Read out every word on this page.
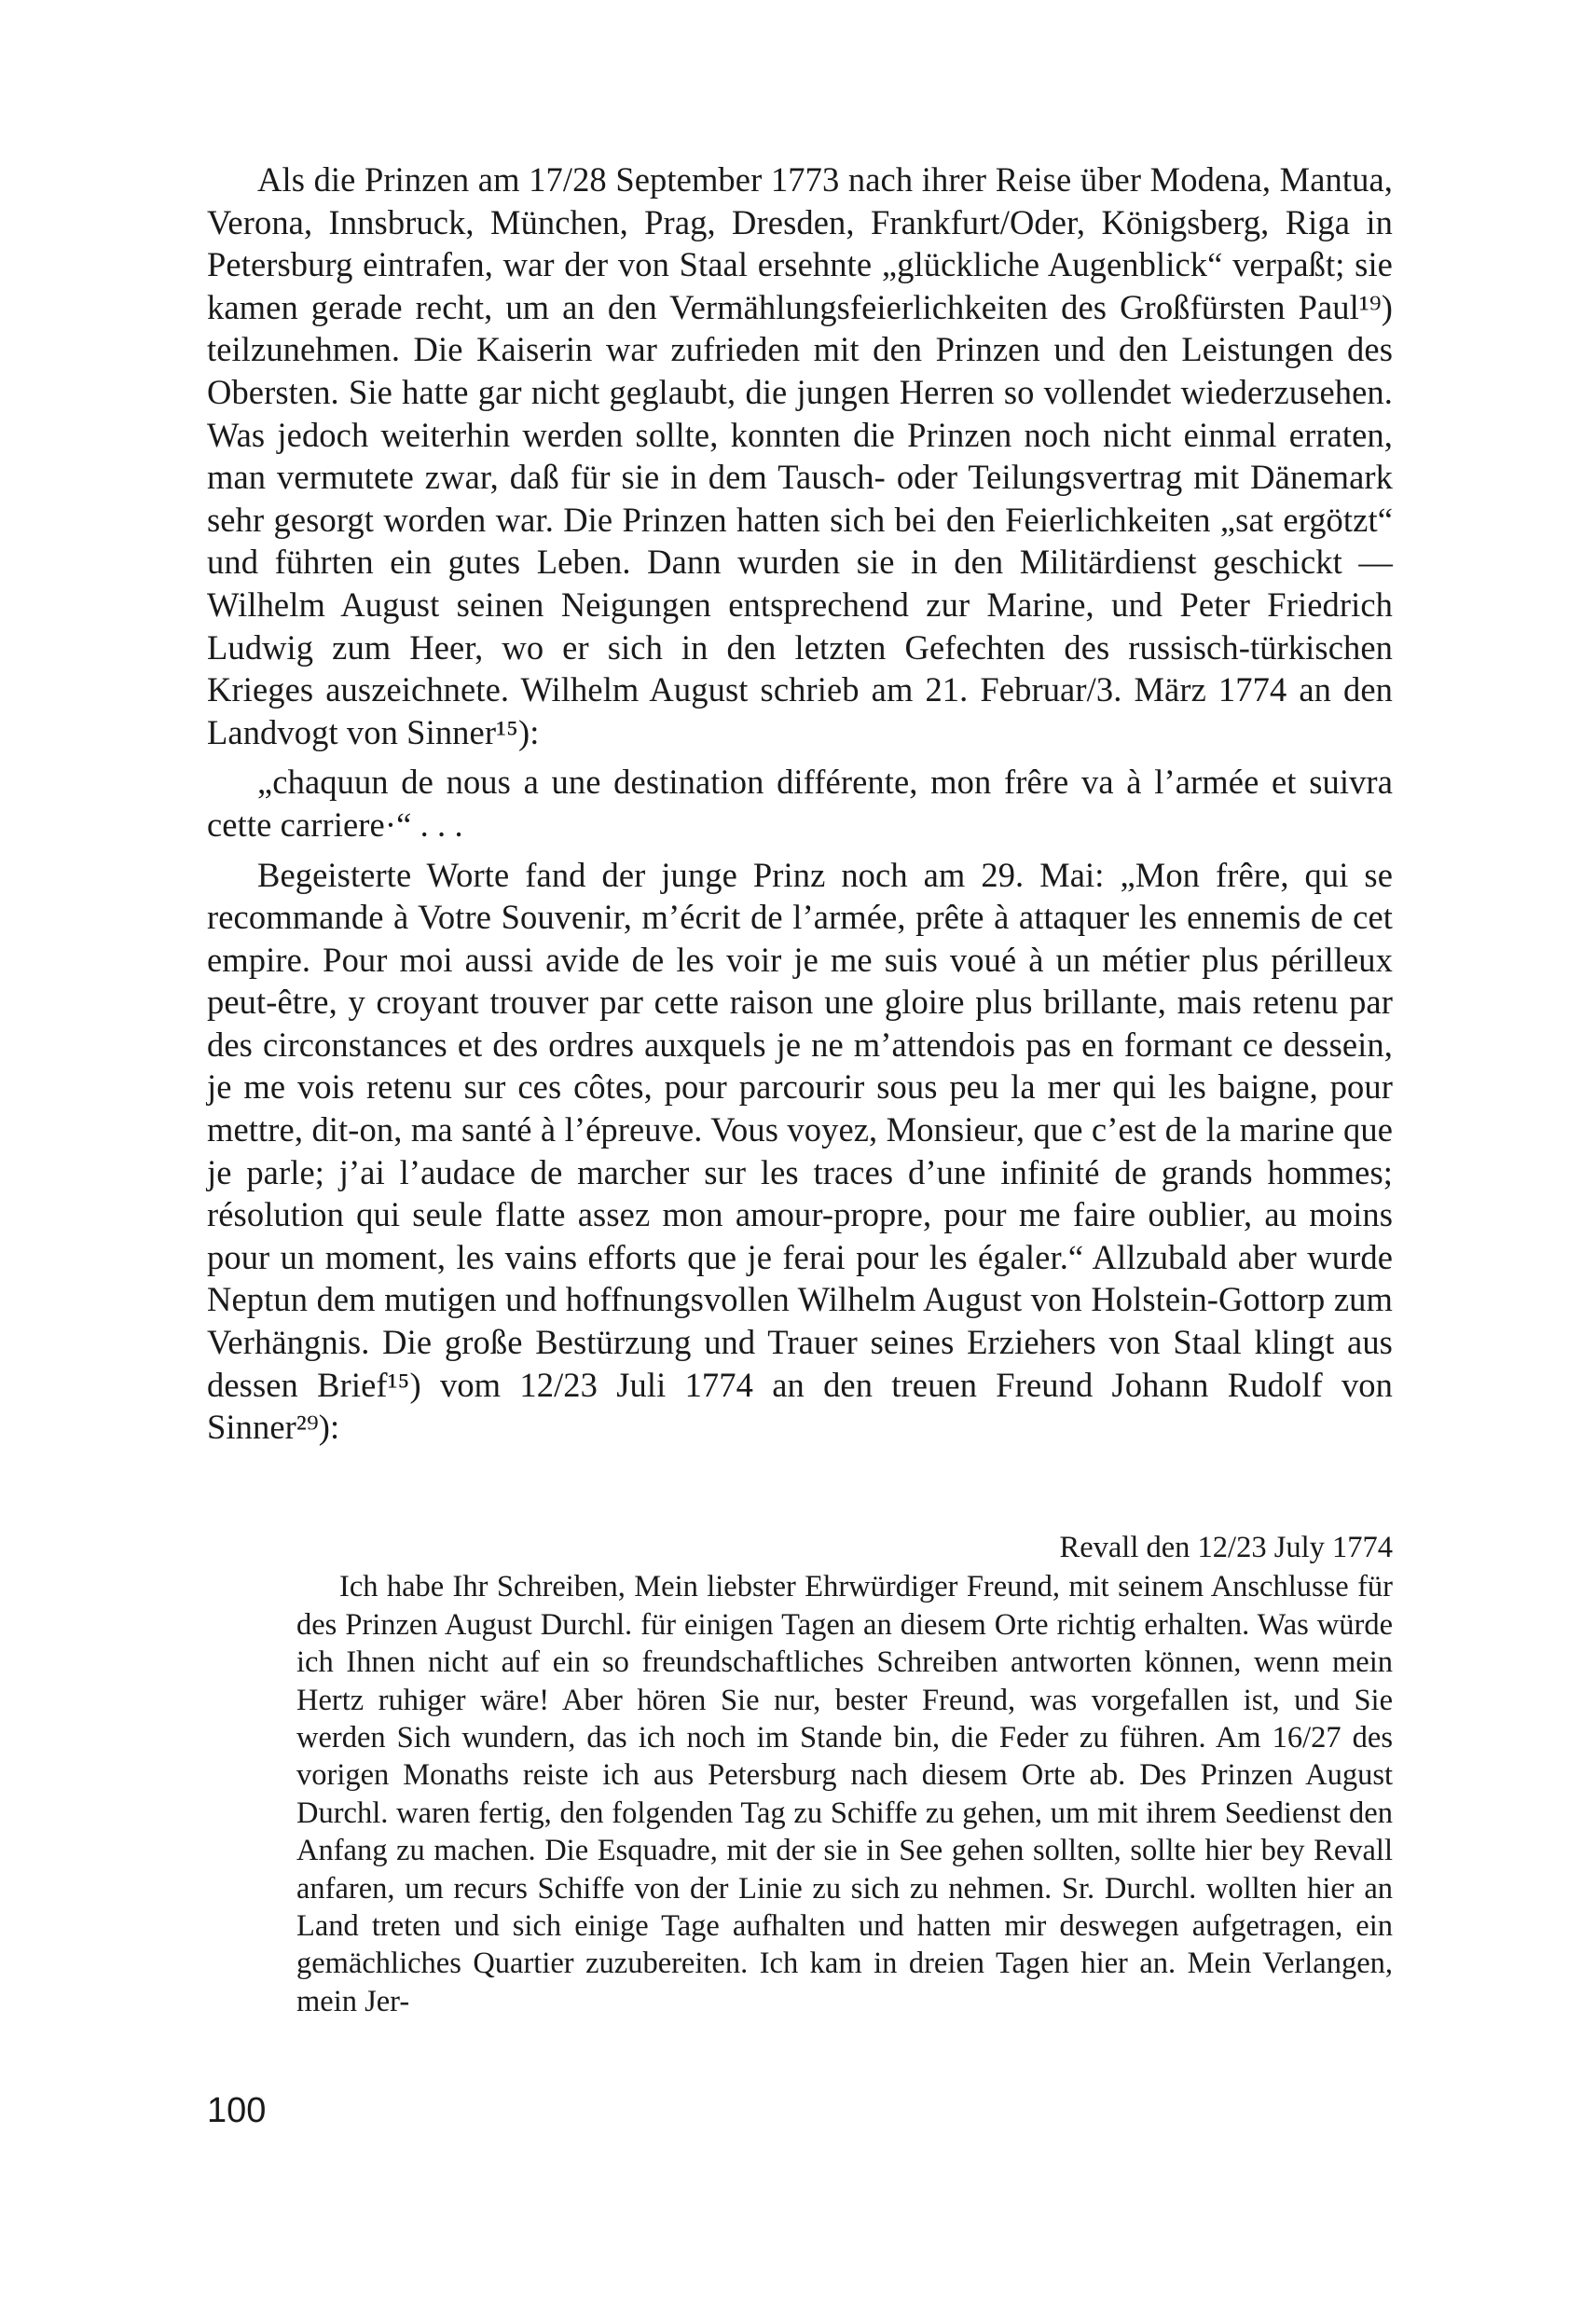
Als die Prinzen am 17/28 September 1773 nach ihrer Reise über Modena, Mantua, Verona, Innsbruck, München, Prag, Dresden, Frankfurt/Oder, Königsberg, Riga in Petersburg eintrafen, war der von Staal ersehnte „glückliche Augenblick“ verpaßt; sie kamen gerade recht, um an den Vermählungsfeierlichkeiten des Großfürsten Paul¹⁹) teilzunehmen. Die Kaiserin war zufrieden mit den Prinzen und den Leistungen des Obersten. Sie hatte gar nicht geglaubt, die jungen Herren so vollendet wiederzusehen. Was jedoch weiterhin werden sollte, konnten die Prinzen noch nicht einmal erraten, man vermutete zwar, daß für sie in dem Tausch- oder Teilungsvertrag mit Dänemark sehr gesorgt worden war. Die Prinzen hatten sich bei den Feierlichkeiten „sat ergötzt“ und führten ein gutes Leben. Dann wurden sie in den Militärdienst geschickt — Wilhelm August seinen Neigungen entsprechend zur Marine, und Peter Friedrich Ludwig zum Heer, wo er sich in den letzten Gefechten des russisch-türkischen Krieges auszeichnete. Wilhelm August schrieb am 21. Februar/3. März 1774 an den Landvogt von Sinner¹⁵):

„chaquun de nous a une destination différente, mon frêre va à l’armée et suivra cette carriere·“ . . .

Begeisterte Worte fand der junge Prinz noch am 29. Mai: „Mon frêre, qui se recommande à Votre Souvenir, m’écrit de l’armée, prête à attaquer les ennemis de cet empire. Pour moi aussi avide de les voir je me suis voué à un métier plus périlleux peut-être, y croyant trouver par cette raison une gloire plus brillante, mais retenu par des circonstances et des ordres auxquels je ne m’attendois pas en formant ce dessein, je me vois retenu sur ces côtes, pour parcourir sous peu la mer qui les baigne, pour mettre, dit-on, ma santé à l’épreuve. Vous voyez, Monsieur, que c’est de la marine que je parle; j’ai l’audace de marcher sur les traces d’une infinité de grands hommes; résolution qui seule flatte assez mon amour-propre, pour me faire oublier, au moins pour un moment, les vains efforts que je ferai pour les égaler.“ Allzubald aber wurde Neptun dem mutigen und hoffnungsvollen Wilhelm August von Holstein-Gottorp zum Verhängnis. Die große Bestürzung und Trauer seines Erziehers von Staal klingt aus dessen Brief¹⁵) vom 12/23 Juli 1774 an den treuen Freund Johann Rudolf von Sinner²⁹):

Revall den 12/23 July 1774

Ich habe Ihr Schreiben, Mein liebster Ehrwürdiger Freund, mit seinem Anschlusse für des Prinzen August Durchl. für einigen Tagen an diesem Orte richtig erhalten. Was würde ich Ihnen nicht auf ein so freundschaftliches Schreiben antworten können, wenn mein Hertz ruhiger wäre! Aber hören Sie nur, bester Freund, was vorgefallen ist, und Sie werden Sich wundern, das ich noch im Stande bin, die Feder zu führen. Am 16/27 des vorigen Monaths reiste ich aus Petersburg nach diesem Orte ab. Des Prinzen August Durchl. waren fertig, den folgenden Tag zu Schiffe zu gehen, um mit ihrem Seedienst den Anfang zu machen. Die Esquadre, mit der sie in See gehen sollten, sollte hier bey Revall anfaren, um recurs Schiffe von der Linie zu sich zu nehmen. Sr. Durchl. wollten hier an Land treten und sich einige Tage aufhalten und hatten mir deswegen aufgetragen, ein gemächliches Quartier zuzubereiten. Ich kam in dreien Tagen hier an. Mein Verlangen, mein Jer-

100
